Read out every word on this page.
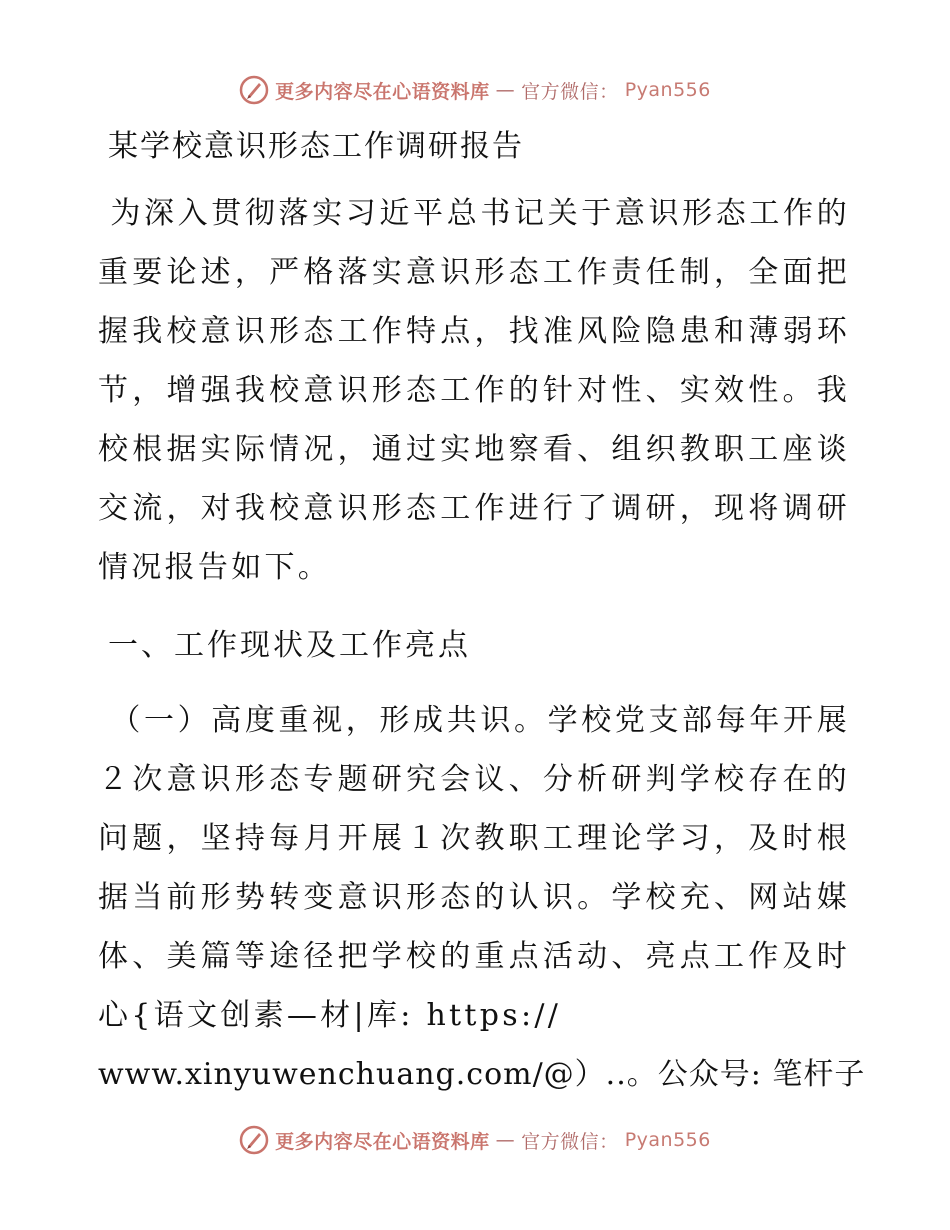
更多内容尽在心语资料库 — 官方微信： Pyan556
某学校意识形态工作调研报告

为深入贯彻落实习近平总书记关于意识形态工作的重要论述，严格落实意识形态工作责任制，全面把握我校意识形态工作特点，找准风险隐患和薄弱环节，增强我校意识形态工作的针对性、实效性。我校根据实际情况，通过实地察看、组织教职工座谈交流，对我校意识形态工作进行了调研，现将调研情况报告如下。

一、工作现状及工作亮点

（一）高度重视，形成共识。学校党支部每年开展２次意识形态专题研究会议、分析研判学校存在的问题，坚持每月开展１次教职工理论学习，及时根据当前形势转变意识形态的认识。学校充、网站媒体、美篇等途径把学校的重点活动、亮点工作及时心{语文创素—材|库: https://

www.xinyuwenchuang.com/@）..。公众号: 笔杆子

更多内容尽在心语资料库 — 官方微信： Pyan556
